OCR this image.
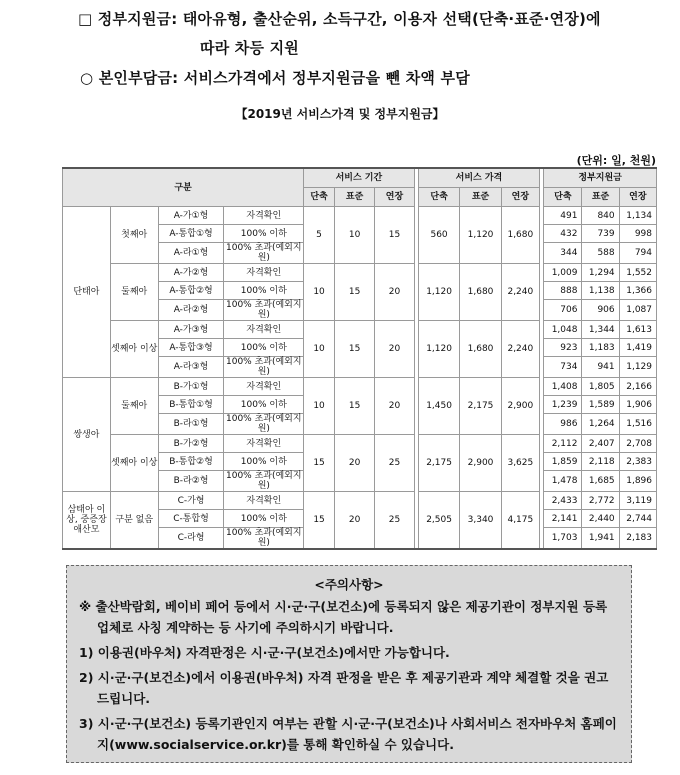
□ 정부지원금: 태아유형, 출산순위, 소득구간, 이용자 선택(단축·표준·연장)에
따라 차등 지원
○ 본인부담금: 서비스가격에서 정부지원금을 뺀 차액 부담
【2019년 서비스가격 및 정부지원금】
(단위: 일, 천원)
구분				서비스 기간				서비스 가격				정부지원금		
				단축	표준	연장		단축	표준	연장		단축	표준	연장
단태아	첫째아	A-가①형	자격확인	5	10	15		560	1,120	1,680		491	840	1,134
		A-통합①형	100% 이하									432	739	998
		A-라①형	100% 초과(예외지원)									344	588	794
	둘째아	A-가②형	자격확인	10	15	20		1,120	1,680	2,240		1,009	1,294	1,552
		A-통합②형	100% 이하									888	1,138	1,366
		A-라②형	100% 초과(예외지원)									706	906	1,087
	셋째아 이상	A-가③형	자격확인	10	15	20		1,120	1,680	2,240		1,048	1,344	1,613
		A-통합③형	100% 이하									923	1,183	1,419
		A-라③형	100% 초과(예외지원)									734	941	1,129
쌍생아	둘째아	B-가①형	자격확인	10	15	20		1,450	2,175	2,900		1,408	1,805	2,166
		B-통합①형	100% 이하									1,239	1,589	1,906
		B-라①형	100% 초과(예외지원)									986	1,264	1,516
	셋째아 이상	B-가②형	자격확인	15	20	25		2,175	2,900	3,625		2,112	2,407	2,708
		B-통합②형	100% 이하									1,859	2,118	2,383
		B-라②형	100% 초과(예외지원)									1,478	1,685	1,896
삼태아 이상, 중증장애산모	구분 없음	C-가형	자격확인	15	20	25		2,505	3,340	4,175		2,433	2,772	3,119
		C-통합형	100% 이하									2,141	2,440	2,744
		C-라형	100% 초과(예외지원)									1,703	1,941	2,183
<주의사항>

※ 출산박람회, 베이비 페어 등에서 시·군·구(보건소)에 등록되지 않은 제공기관이 정부지원 등록 업체로 사칭 계약하는 등 사기에 주의하시기 바랍니다.

1) 이용권(바우처) 자격판정은 시·군·구(보건소)에서만 가능합니다.

2) 시·군·구(보건소)에서 이용권(바우처) 자격 판정을 받은 후 제공기관과 계약 체결할 것을 권고 드립니다.

3) 시·군·구(보건소) 등록기관인지 여부는 관할 시·군·구(보건소)나 사회서비스 전자바우처 홈페이지(www.socialservice.or.kr)를 통해 확인하실 수 있습니다.
